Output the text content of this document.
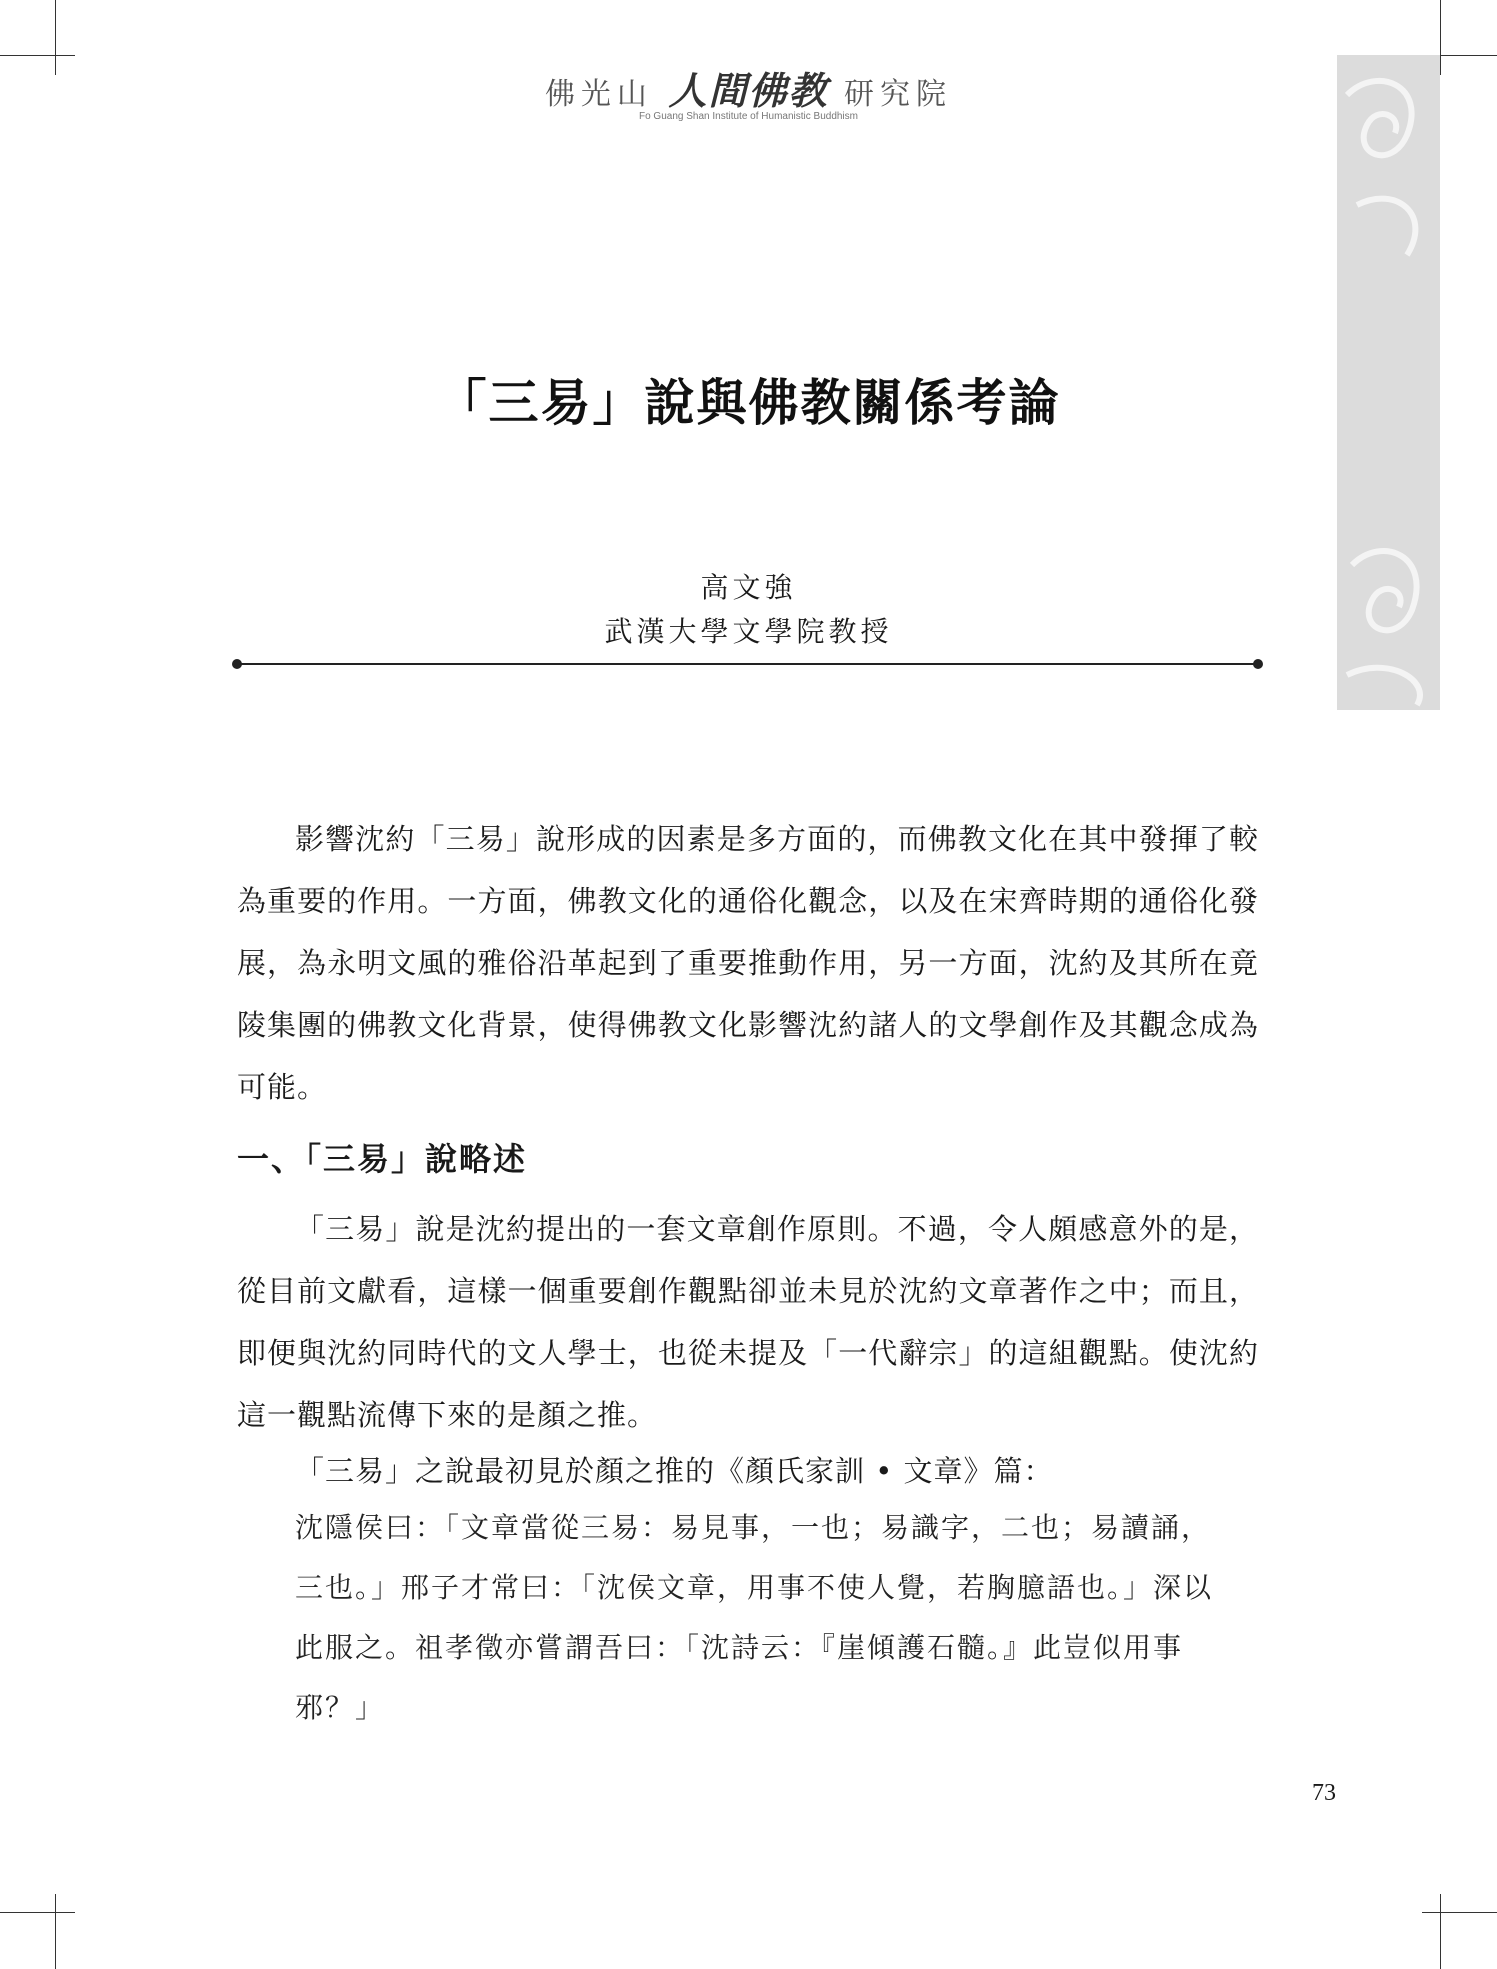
佛光山 人間佛教 研究院
Fo Guang Shan Institute of Humanistic Buddhism
「三易」說與佛教關係考論
高文強
武漢大學文學院教授
影響沈約「三易」說形成的因素是多方面的，而佛教文化在其中發揮了較為重要的作用。一方面，佛教文化的通俗化觀念，以及在宋齊時期的通俗化發展，為永明文風的雅俗沿革起到了重要推動作用，另一方面，沈約及其所在竟陵集團的佛教文化背景，使得佛教文化影響沈約諸人的文學創作及其觀念成為可能。
一、「三易」說略述
「三易」說是沈約提出的一套文章創作原則。不過，令人頗感意外的是，從目前文獻看，這樣一個重要創作觀點卻並未見於沈約文章著作之中；而且，即便與沈約同時代的文人學士，也從未提及「一代辭宗」的這組觀點。使沈約這一觀點流傳下來的是顏之推。
「三易」之說最初見於顏之推的《顏氏家訓 • 文章》篇：
沈隱侯曰：「文章當從三易：易見事，一也；易識字，二也；易讀誦，三也。」邢子才常曰：「沈侯文章，用事不使人覺，若胸臆語也。」深以此服之。祖孝徵亦嘗謂吾曰：「沈詩云：『崖傾護石髓。』此豈似用事邪？」
73
